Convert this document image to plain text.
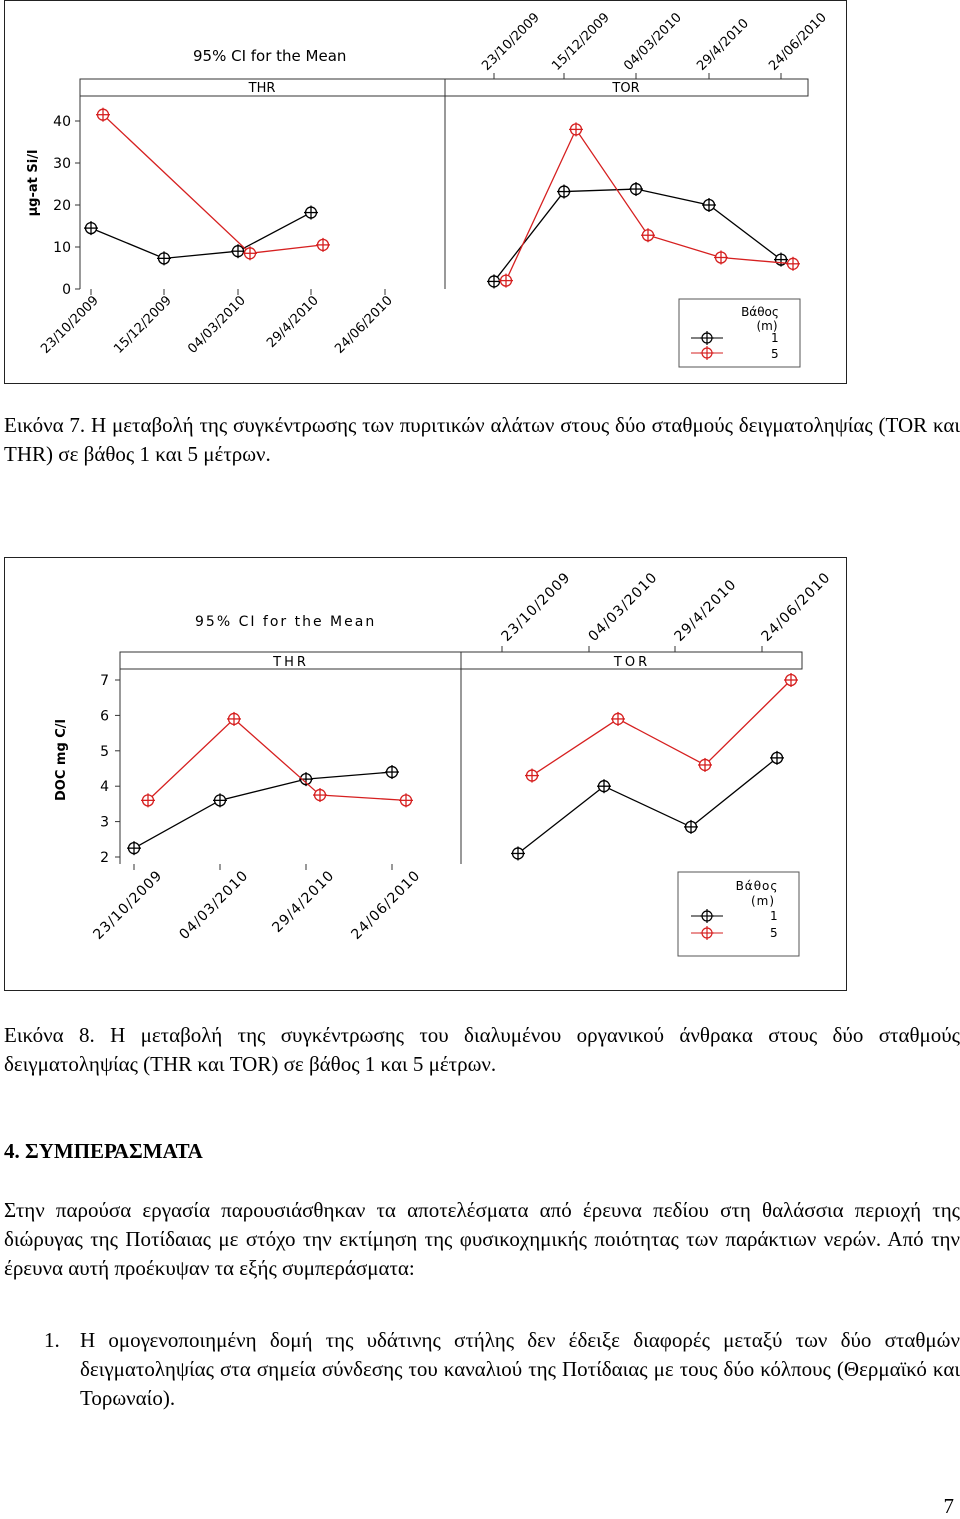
95% CI for the Mean
μg-at Si/l
THR	TOR
0
10
20
30
40
23/10/2009 15/12/2009 04/03/2010 29/4/2010 24/06/2010
23/10/2009 15/12/2009 04/03/2010 29/4/2010 24/06/2010	Βάθος
(m)
1
5
Εικόνα 7. Η μεταβολή της συγκέντρωσης των πυριτικών αλάτων στους δύο σταθμούς δειγματοληψίας (TOR και THR) σε βάθος 1 και 5 μέτρων.
95% CI for the Mean
DOC mg C/l
THR	TOR
2
3
4
5
6
7
23/10/2009 04/03/2010 29/4/2010 24/06/2010
23/10/2009 04/03/2010 29/4/2010 24/06/2010	Βάθος
(m)
1
5
Εικόνα 8. Η μεταβολή της συγκέντρωσης του διαλυμένου οργανικού άνθρακα στους δύο σταθμούς δειγματοληψίας (THR και TOR) σε βάθος 1 και 5 μέτρων.
4. ΣΥΜΠΕΡΑΣΜΑΤΑ
Στην παρούσα εργασία παρουσιάσθηκαν τα αποτελέσματα από έρευνα πεδίου στη θαλάσσια περιοχή της διώρυγας της Ποτίδαιας με στόχο την εκτίμηση της φυσικοχημικής ποιότητας των παράκτιων νερών. Από την έρευνα αυτή προέκυψαν τα εξής συμπεράσματα:
1. Η ομογενοποιημένη δομή της υδάτινης στήλης δεν έδειξε διαφορές μεταξύ των δύο σταθμών δειγματοληψίας στα σημεία σύνδεσης του καναλιού της Ποτίδαιας με τους δύο κόλπους (Θερμαϊκό και Τορωναίο).
7
